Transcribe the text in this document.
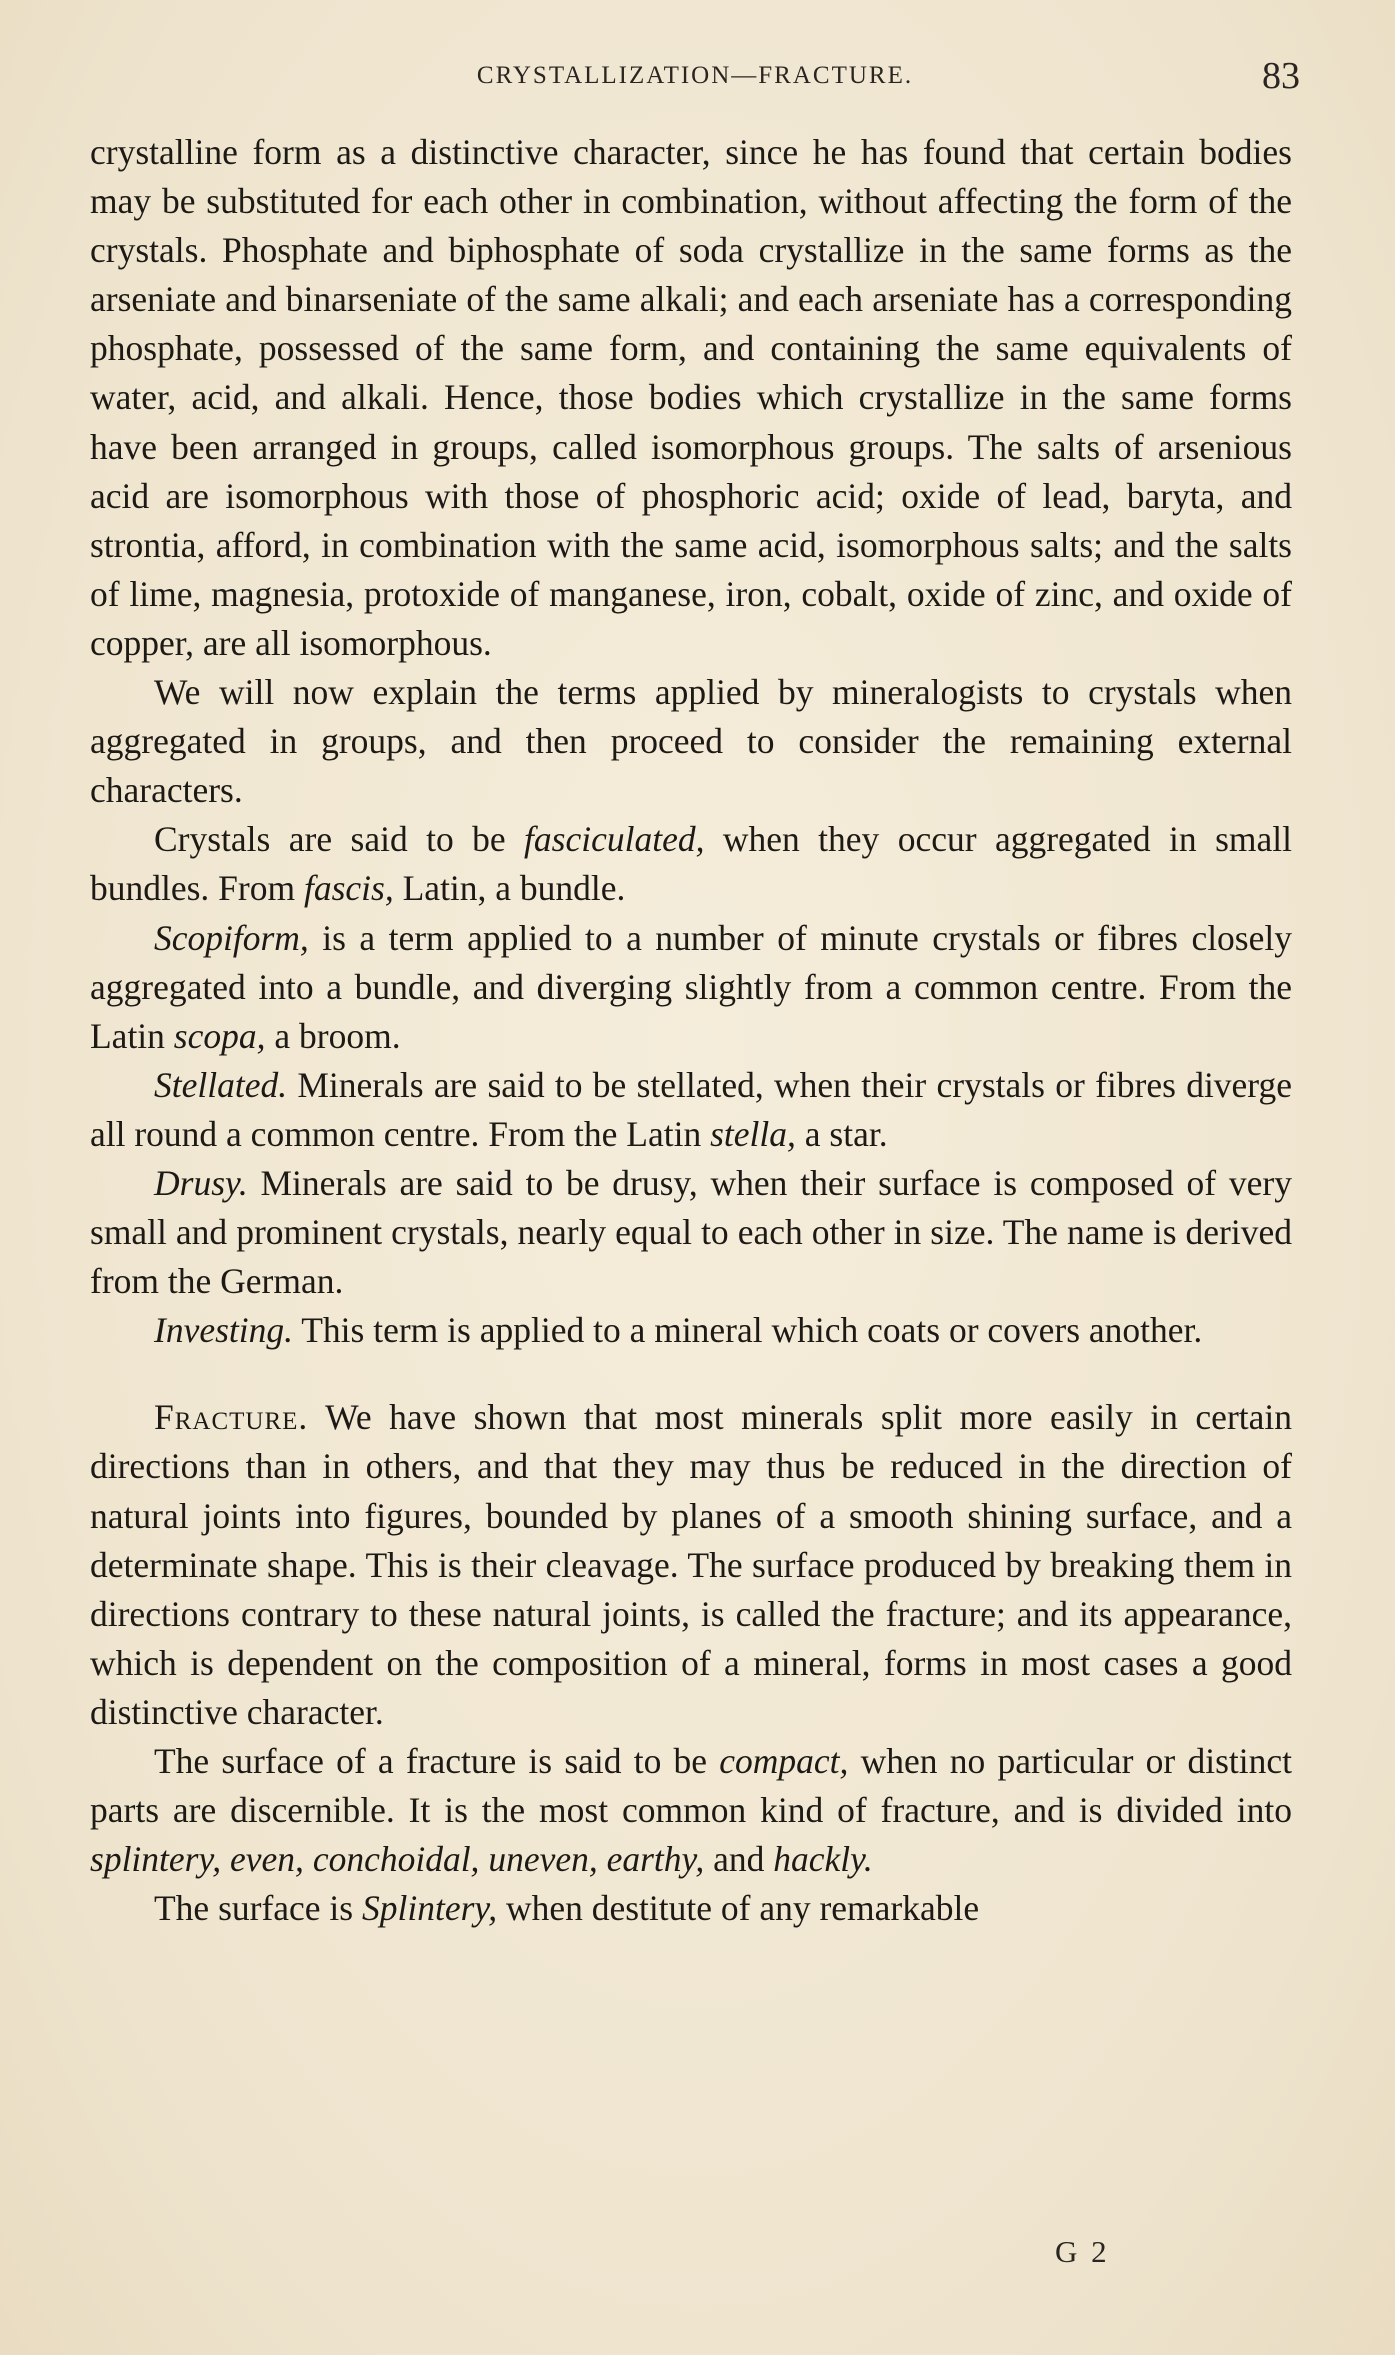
CRYSTALLIZATION—FRACTURE.	83

crystalline form as a distinctive character, since he has found that certain bodies may be substituted for each other in combination, without affecting the form of the crystals. Phosphate and biphosphate of soda crystallize in the same forms as the arseniate and binarseniate of the same alkali; and each arseniate has a corresponding phosphate, possessed of the same form, and containing the same equivalents of water, acid, and alkali. Hence, those bodies which crystallize in the same forms have been arranged in groups, called isomorphous groups. The salts of arsenious acid are isomorphous with those of phosphoric acid; oxide of lead, baryta, and strontia, afford, in combination with the same acid, isomorphous salts; and the salts of lime, magnesia, protoxide of manganese, iron, cobalt, oxide of zinc, and oxide of copper, are all isomorphous.

We will now explain the terms applied by mineralogists to crystals when aggregated in groups, and then proceed to consider the remaining external characters.

Crystals are said to be fasciculated, when they occur aggregated in small bundles. From fascis, Latin, a bundle.

Scopiform, is a term applied to a number of minute crystals or fibres closely aggregated into a bundle, and diverging slightly from a common centre. From the Latin scopa, a broom.

Stellated. Minerals are said to be stellated, when their crystals or fibres diverge all round a common centre. From the Latin stella, a star.

Drusy. Minerals are said to be drusy, when their surface is composed of very small and prominent crystals, nearly equal to each other in size. The name is derived from the German.

Investing. This term is applied to a mineral which coats or covers another.

Fracture. We have shown that most minerals split more easily in certain directions than in others, and that they may thus be reduced in the direction of natural joints into figures, bounded by planes of a smooth shining surface, and a determinate shape. This is their cleavage. The surface produced by breaking them in directions contrary to these natural joints, is called the fracture; and its appearance, which is dependent on the composition of a mineral, forms in most cases a good distinctive character.

The surface of a fracture is said to be compact, when no particular or distinct parts are discernible. It is the most common kind of fracture, and is divided into splintery, even, conchoidal, uneven, earthy, and hackly.

The surface is Splintery, when destitute of any remarkable

G 2
